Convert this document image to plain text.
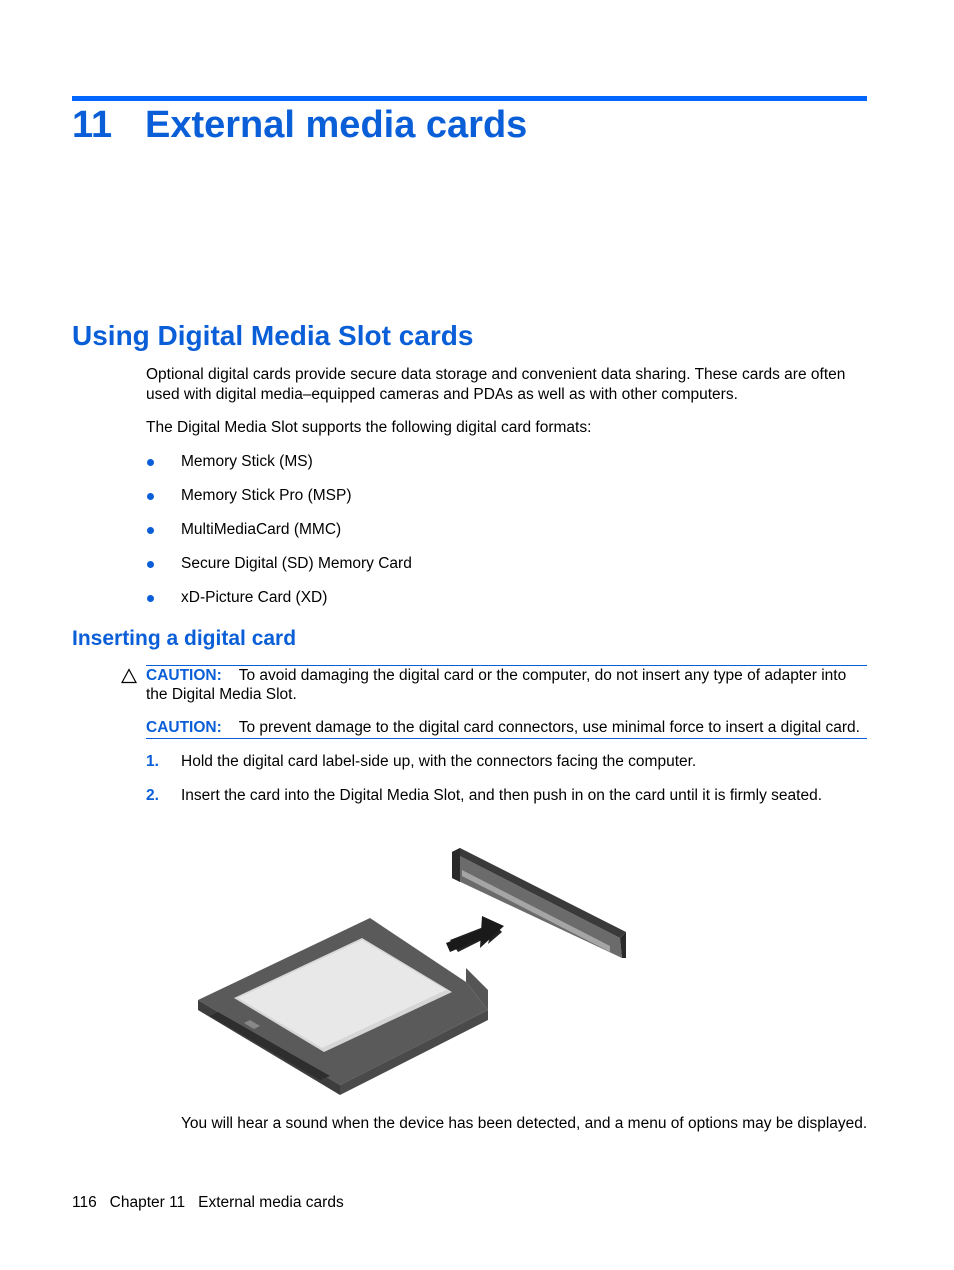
11 External media cards
Using Digital Media Slot cards
Optional digital cards provide secure data storage and convenient data sharing. These cards are often used with digital media–equipped cameras and PDAs as well as with other computers.
The Digital Media Slot supports the following digital card formats:
Memory Stick (MS)
Memory Stick Pro (MSP)
MultiMediaCard (MMC)
Secure Digital (SD) Memory Card
xD-Picture Card (XD)
Inserting a digital card
CAUTION: To avoid damaging the digital card or the computer, do not insert any type of adapter into the Digital Media Slot.
CAUTION: To prevent damage to the digital card connectors, use minimal force to insert a digital card.
1. Hold the digital card label-side up, with the connectors facing the computer.
2. Insert the card into the Digital Media Slot, and then push in on the card until it is firmly seated.
You will hear a sound when the device has been detected, and a menu of options may be displayed.
116 Chapter 11 External media cards
